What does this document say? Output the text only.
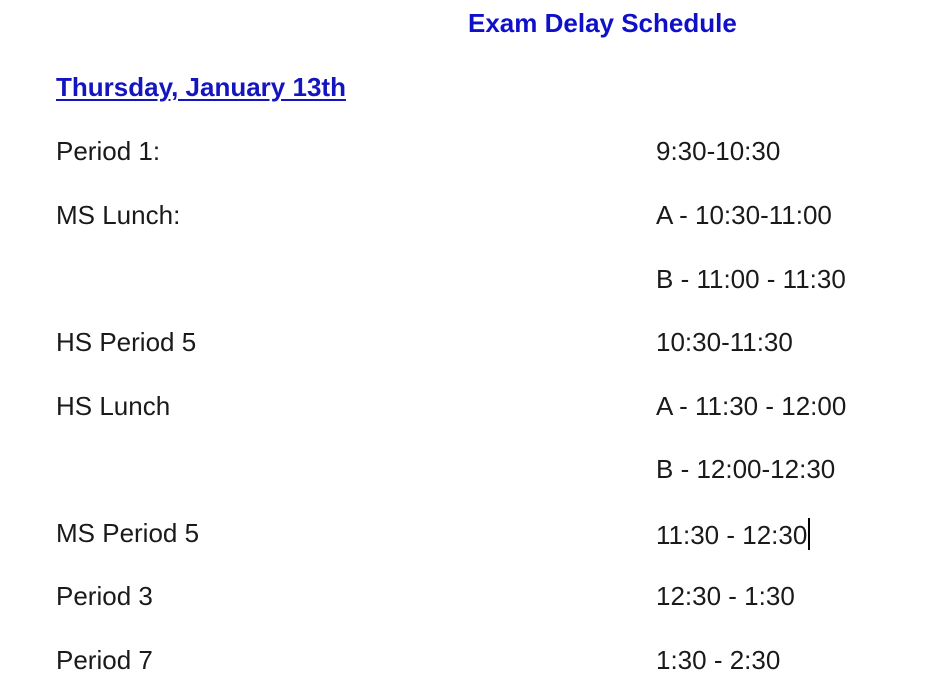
Exam Delay Schedule
Thursday, January 13th
Period 1:	9:30-10:30
MS Lunch:	A - 10:30-11:00
B - 11:00 - 11:30
HS Period 5	10:30-11:30
HS Lunch	A - 11:30 - 12:00
B - 12:00-12:30
MS Period 5	11:30 - 12:30
Period 3	12:30 - 1:30
Period 7	1:30 - 2:30
